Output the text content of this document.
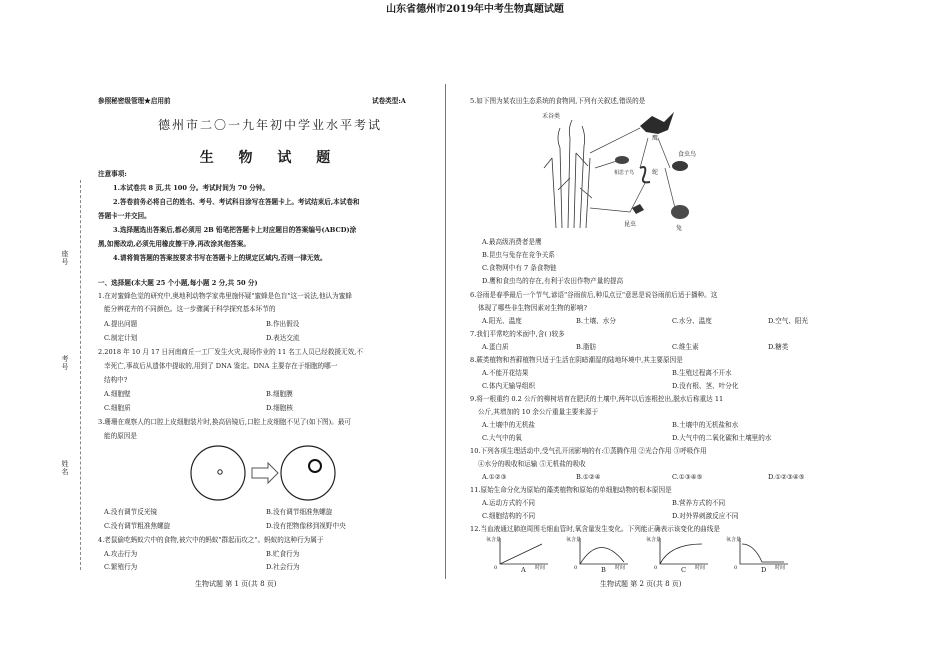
山东省德州市2019年中考生物真题试题
座号
考号
姓名
参照秘密级管理★启用前	试卷类型:A
德州市二〇一九年初中学业水平考试
生 物 试 题
注意事项:
1.本试卷共 8 页,共 100 分。考试时间为 70 分钟。
2.答卷前务必将自己的姓名、考号、考试科目涂写在答题卡上。考试结束后,本试卷和
答题卡一并交回。
3.选择题选出答案后,都必须用 2B 铅笔把答题卡上对应题目的答案编号(ABCD)涂
黑,如需改动,必须先用橡皮擦干净,再改涂其他答案。
4.请将简答题的答案按要求书写在答题卡上的规定区域内,否则一律无效。
一、选择题(本大题 25 个小题,每小题 2 分,共 50 分)
1.在对蜜蜂色觉的研究中,奥地利动物学家弗里施怀疑"蜜蜂是色盲"这一说法,他认为蜜蜂
能分辨花卉的不同颜色。这一步骤属于科学探究基本环节的
A.提出问题	B.作出假设
C.制定计划	D.表达交流
2.2018 年 10 月 17 日河南商丘一工厂发生火灾,现场作业的 11 名工人员已经救援无效,不
幸死亡,事故后从遗体中提取的,用到了 DNA 鉴定。DNA 主要存在于细胞的哪一
结构中?
A.细胞壁	B.细胞膜
C.细胞质	D.细胞核
3.珊珊在观察人的口腔上皮细胞装片时,换高倍镜后,口腔上皮细胞不见了(如下图)。最可
能的原因是
A.没有调节反光镜	B.没有调节细准焦螺旋
C.没有调节粗准焦螺旋	D.没有把物像移到视野中央
4.老鼠偷吃蚂蚁穴中的食物,被穴中的蚂蚁"群起而攻之"。蚂蚁的这种行为属于
A.攻击行为	B.贮食行为
C.繁殖行为	D.社会行为
生物试题 第 1 页(共 8 页)
5.如下图为某农田生态系统的食物网,下列有关叙述,错误的是
禾谷类
鹰
食虫鸟
蛇
昆虫
兔
相思子鸟
A.最高级消费者是鹰
B.昆虫与兔存在竞争关系
C.食物网中有 7 条食物链
D.鹰和食虫鸟的存在,有利于农田作物产量的提高
6.谷雨是春季最后一个节气,谚语"谷雨前后,种瓜点豆"意思是说谷雨前后适于播种。这
体现了哪些非生物因素对生物的影响?
A.阳光、温度	B.土壤、水分	C.水分、温度	D.空气、阳光
7.我们平常吃的米面中,含( )较多
A.蛋白质	B.脂肪	C.维生素	D.糖类
8.蕨类植物和苔藓植物只适于生活在阴暗潮湿的陆地环境中,其主要原因是
A.不能开花结果	B.生殖过程离不开水
C.体内无输导组织	D.没有根、茎、叶分化
9.将一根重约 0.2 公斤的柳树培育在肥沃的土壤中,两年以后连根挖出,脱水后称重达 11
公斤,其增加的 10 余公斤重量主要来源于
A.土壤中的无机盐	B.土壤中的无机盐和水
C.大气中的氧	D.大气中的二氧化碳和土壤里的水
10.下列各项生理活动中,受气孔开闭影响的有:①蒸腾作用 ②光合作用 ③呼吸作用
④水分的吸收和运输 ⑤无机盐的吸收
A.①②③	B.①②④	C.①③④⑤	D.①②③④⑤
11.原始生命分化为原始的藻类植物和原始的单细胞动物的根本原因是
A.运动方式的不同	B.营养方式的不同
C.细胞结构的不同	D.对外界刺激反应不同
12.当血液通过肺泡周围毛细血管时,氧含量发生变化。下列能正确表示该变化的曲线是
氧含量	氧含量	氧含量	氧含量
0	0	0	0
时间	时间	时间	时间
A	B	C	D
生物试题 第 2 页(共 8 页)
